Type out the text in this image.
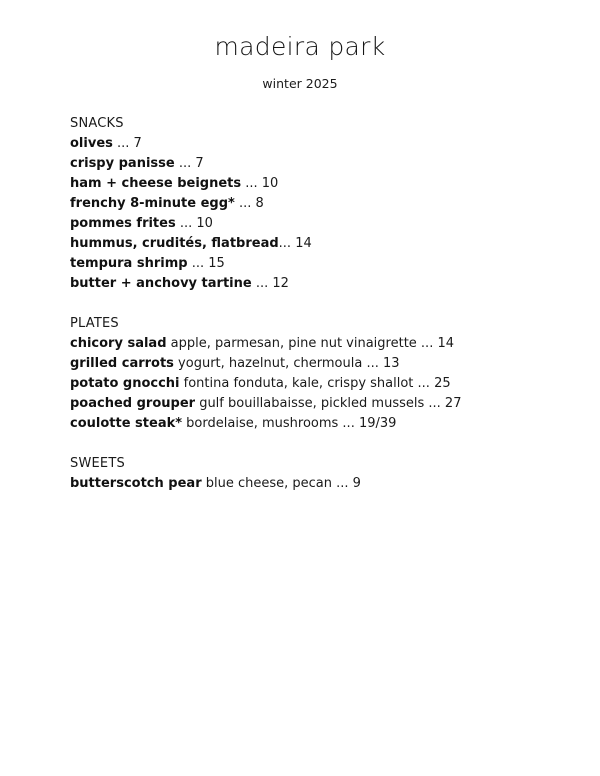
madeira park
winter 2025
SNACKS
olives ... 7
crispy panisse ... 7
ham + cheese beignets ... 10
frenchy 8-minute egg* ... 8
pommes frites ... 10
hummus, crudités, flatbread... 14
tempura shrimp ... 15
butter + anchovy tartine ... 12
PLATES
chicory salad apple, parmesan, pine nut vinaigrette ... 14
grilled carrots yogurt, hazelnut, chermoula ... 13
potato gnocchi fontina fonduta, kale, crispy shallot ... 25
poached grouper gulf bouillabaisse, pickled mussels ... 27
coulotte steak* bordelaise, mushrooms ... 19/39
SWEETS
butterscotch pear blue cheese, pecan ... 9
